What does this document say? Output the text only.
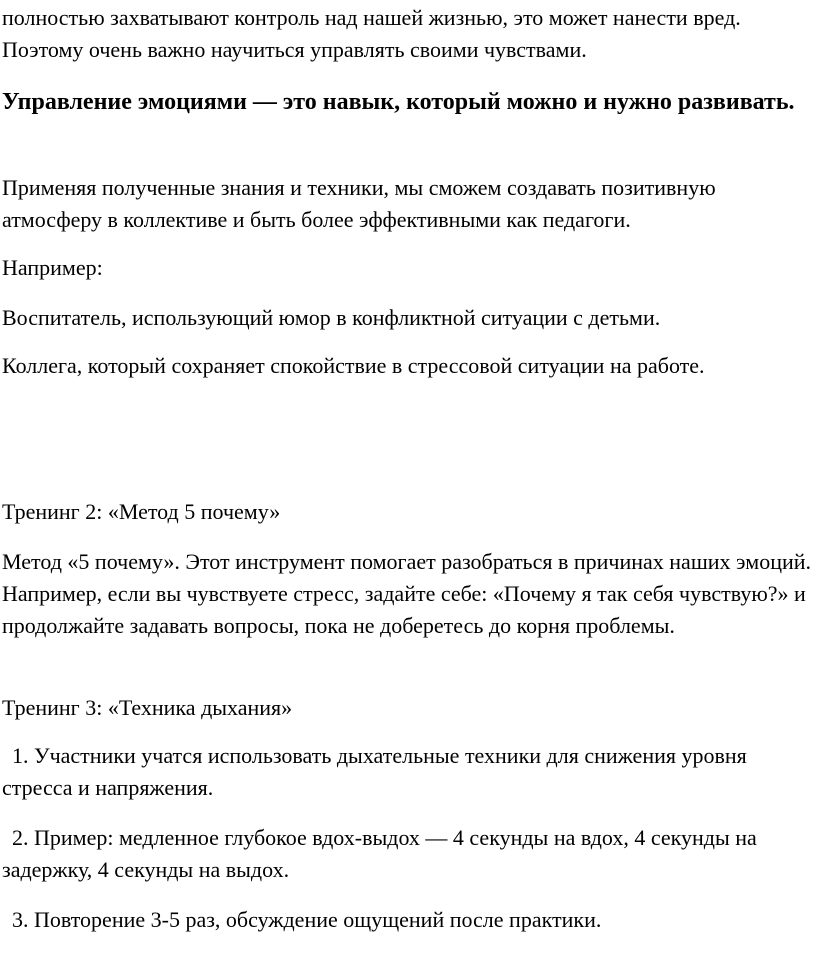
полностью захватывают контроль над нашей жизнью, это может нанести вред. Поэтому очень важно научиться управлять своими чувствами.

Управление эмоциями — это навык, который можно и нужно развивать.

Применяя полученные знания и техники, мы сможем создавать позитивную атмосферу в коллективе и быть более эффективными как педагоги.

Например:

Воспитатель, использующий юмор в конфликтной ситуации с детьми.

Коллега, который сохраняет спокойствие в стрессовой ситуации на работе.

Тренинг 2: «Метод 5 почему»

Метод «5 почему». Этот инструмент помогает разобраться в причинах наших эмоций. Например, если вы чувствуете стресс, задайте себе: «Почему я так себя чувствую?» и продолжайте задавать вопросы, пока не доберетесь до корня проблемы.

Тренинг 3: «Техника дыхания»

1. Участники учатся использовать дыхательные техники для снижения уровня стресса и напряжения.

2. Пример: медленное глубокое вдох-выдох — 4 секунды на вдох, 4 секунды на задержку, 4 секунды на выдох.

3. Повторение 3-5 раз, обсуждение ощущений после практики.
